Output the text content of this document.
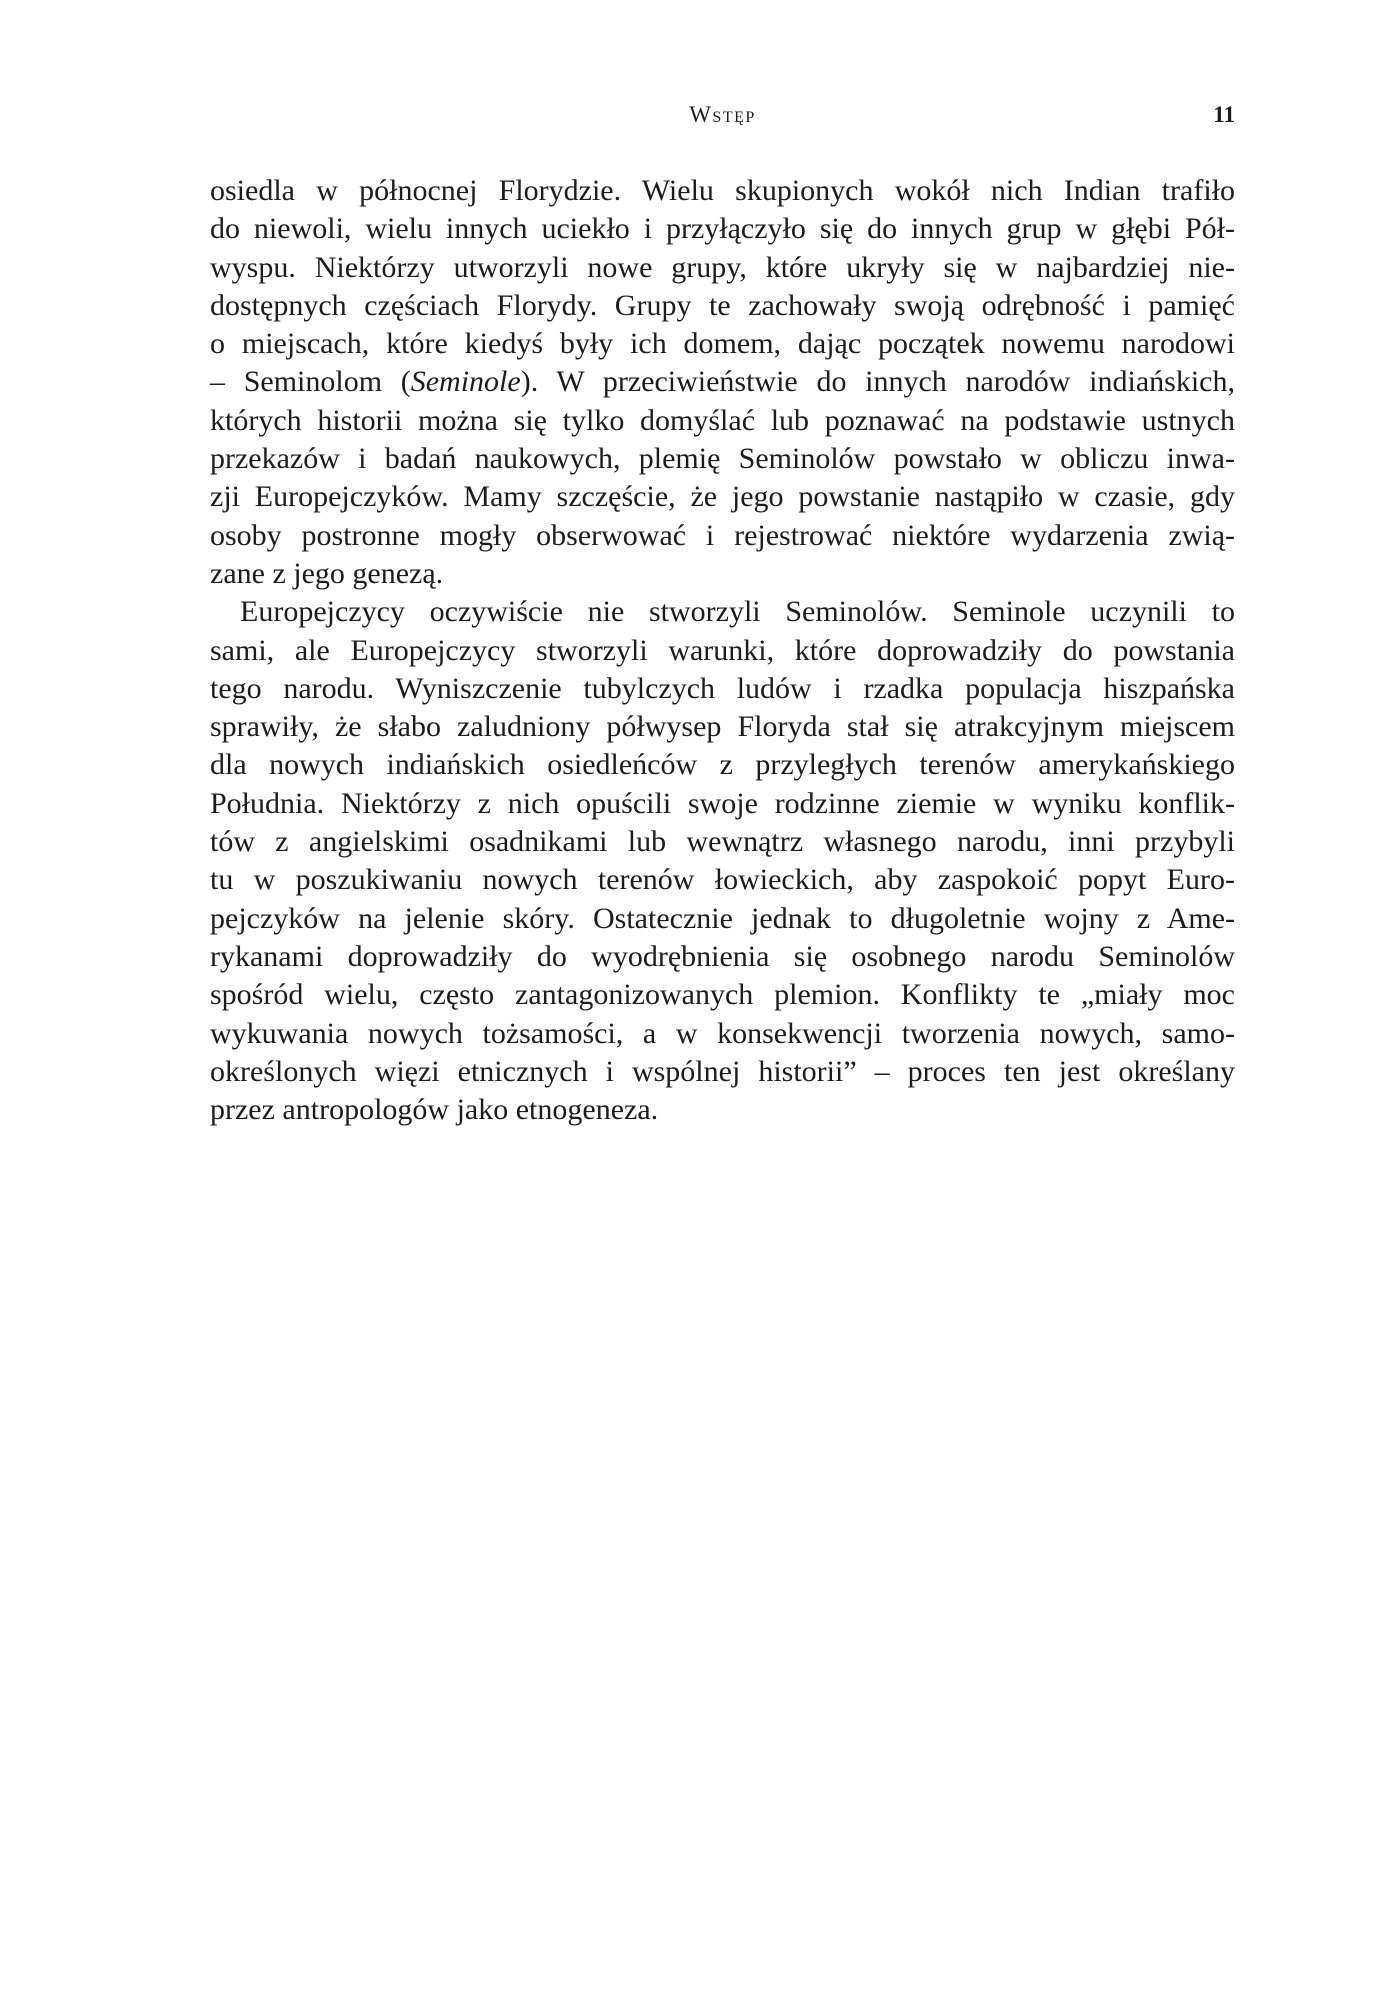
Wstęp	11
osiedla w północnej Florydzie. Wielu skupionych wokół nich Indian trafiło
do niewoli, wielu innych uciekło i przyłączyło się do innych grup w głębi Pół-
wyspu. Niektórzy utworzyli nowe grupy, które ukryły się w najbardziej nie-
dostępnych częściach Florydy. Grupy te zachowały swoją odrębność i pamięć
o miejscach, które kiedyś były ich domem, dając początek nowemu narodowi
– Seminolom (Seminole). W przeciwieństwie do innych narodów indiańskich,
których historii można się tylko domyślać lub poznawać na podstawie ustnych
przekazów i badań naukowych, plemię Seminolów powstało w obliczu inwa-
zji Europejczyków. Mamy szczęście, że jego powstanie nastąpiło w czasie, gdy
osoby postronne mogły obserwować i rejestrować niektóre wydarzenia zwią-
zane z jego genezą.
Europejczycy oczywiście nie stworzyli Seminolów. Seminole uczynili to
sami, ale Europejczycy stworzyli warunki, które doprowadziły do powstania
tego narodu. Wyniszczenie tubylczych ludów i rzadka populacja hiszpańska
sprawiły, że słabo zaludniony półwysep Floryda stał się atrakcyjnym miejscem
dla nowych indiańskich osiedleńców z przyległych terenów amerykańskiego
Południa. Niektórzy z nich opuścili swoje rodzinne ziemie w wyniku konflik-
tów z angielskimi osadnikami lub wewnątrz własnego narodu, inni przybyli
tu w poszukiwaniu nowych terenów łowieckich, aby zaspokoić popyt Euro-
pejczyków na jelenie skóry. Ostatecznie jednak to długoletnie wojny z Ame-
rykanami doprowadziły do wyodrębnienia się osobnego narodu Seminolów
spośród wielu, często zantagonizowanych plemion. Konflikty te „miały moc
wykuwania nowych tożsamości, a w konsekwencji tworzenia nowych, samo-
określonych więzi etnicznych i wspólnej historii” – proces ten jest określany
przez antropologów jako etnogeneza.
